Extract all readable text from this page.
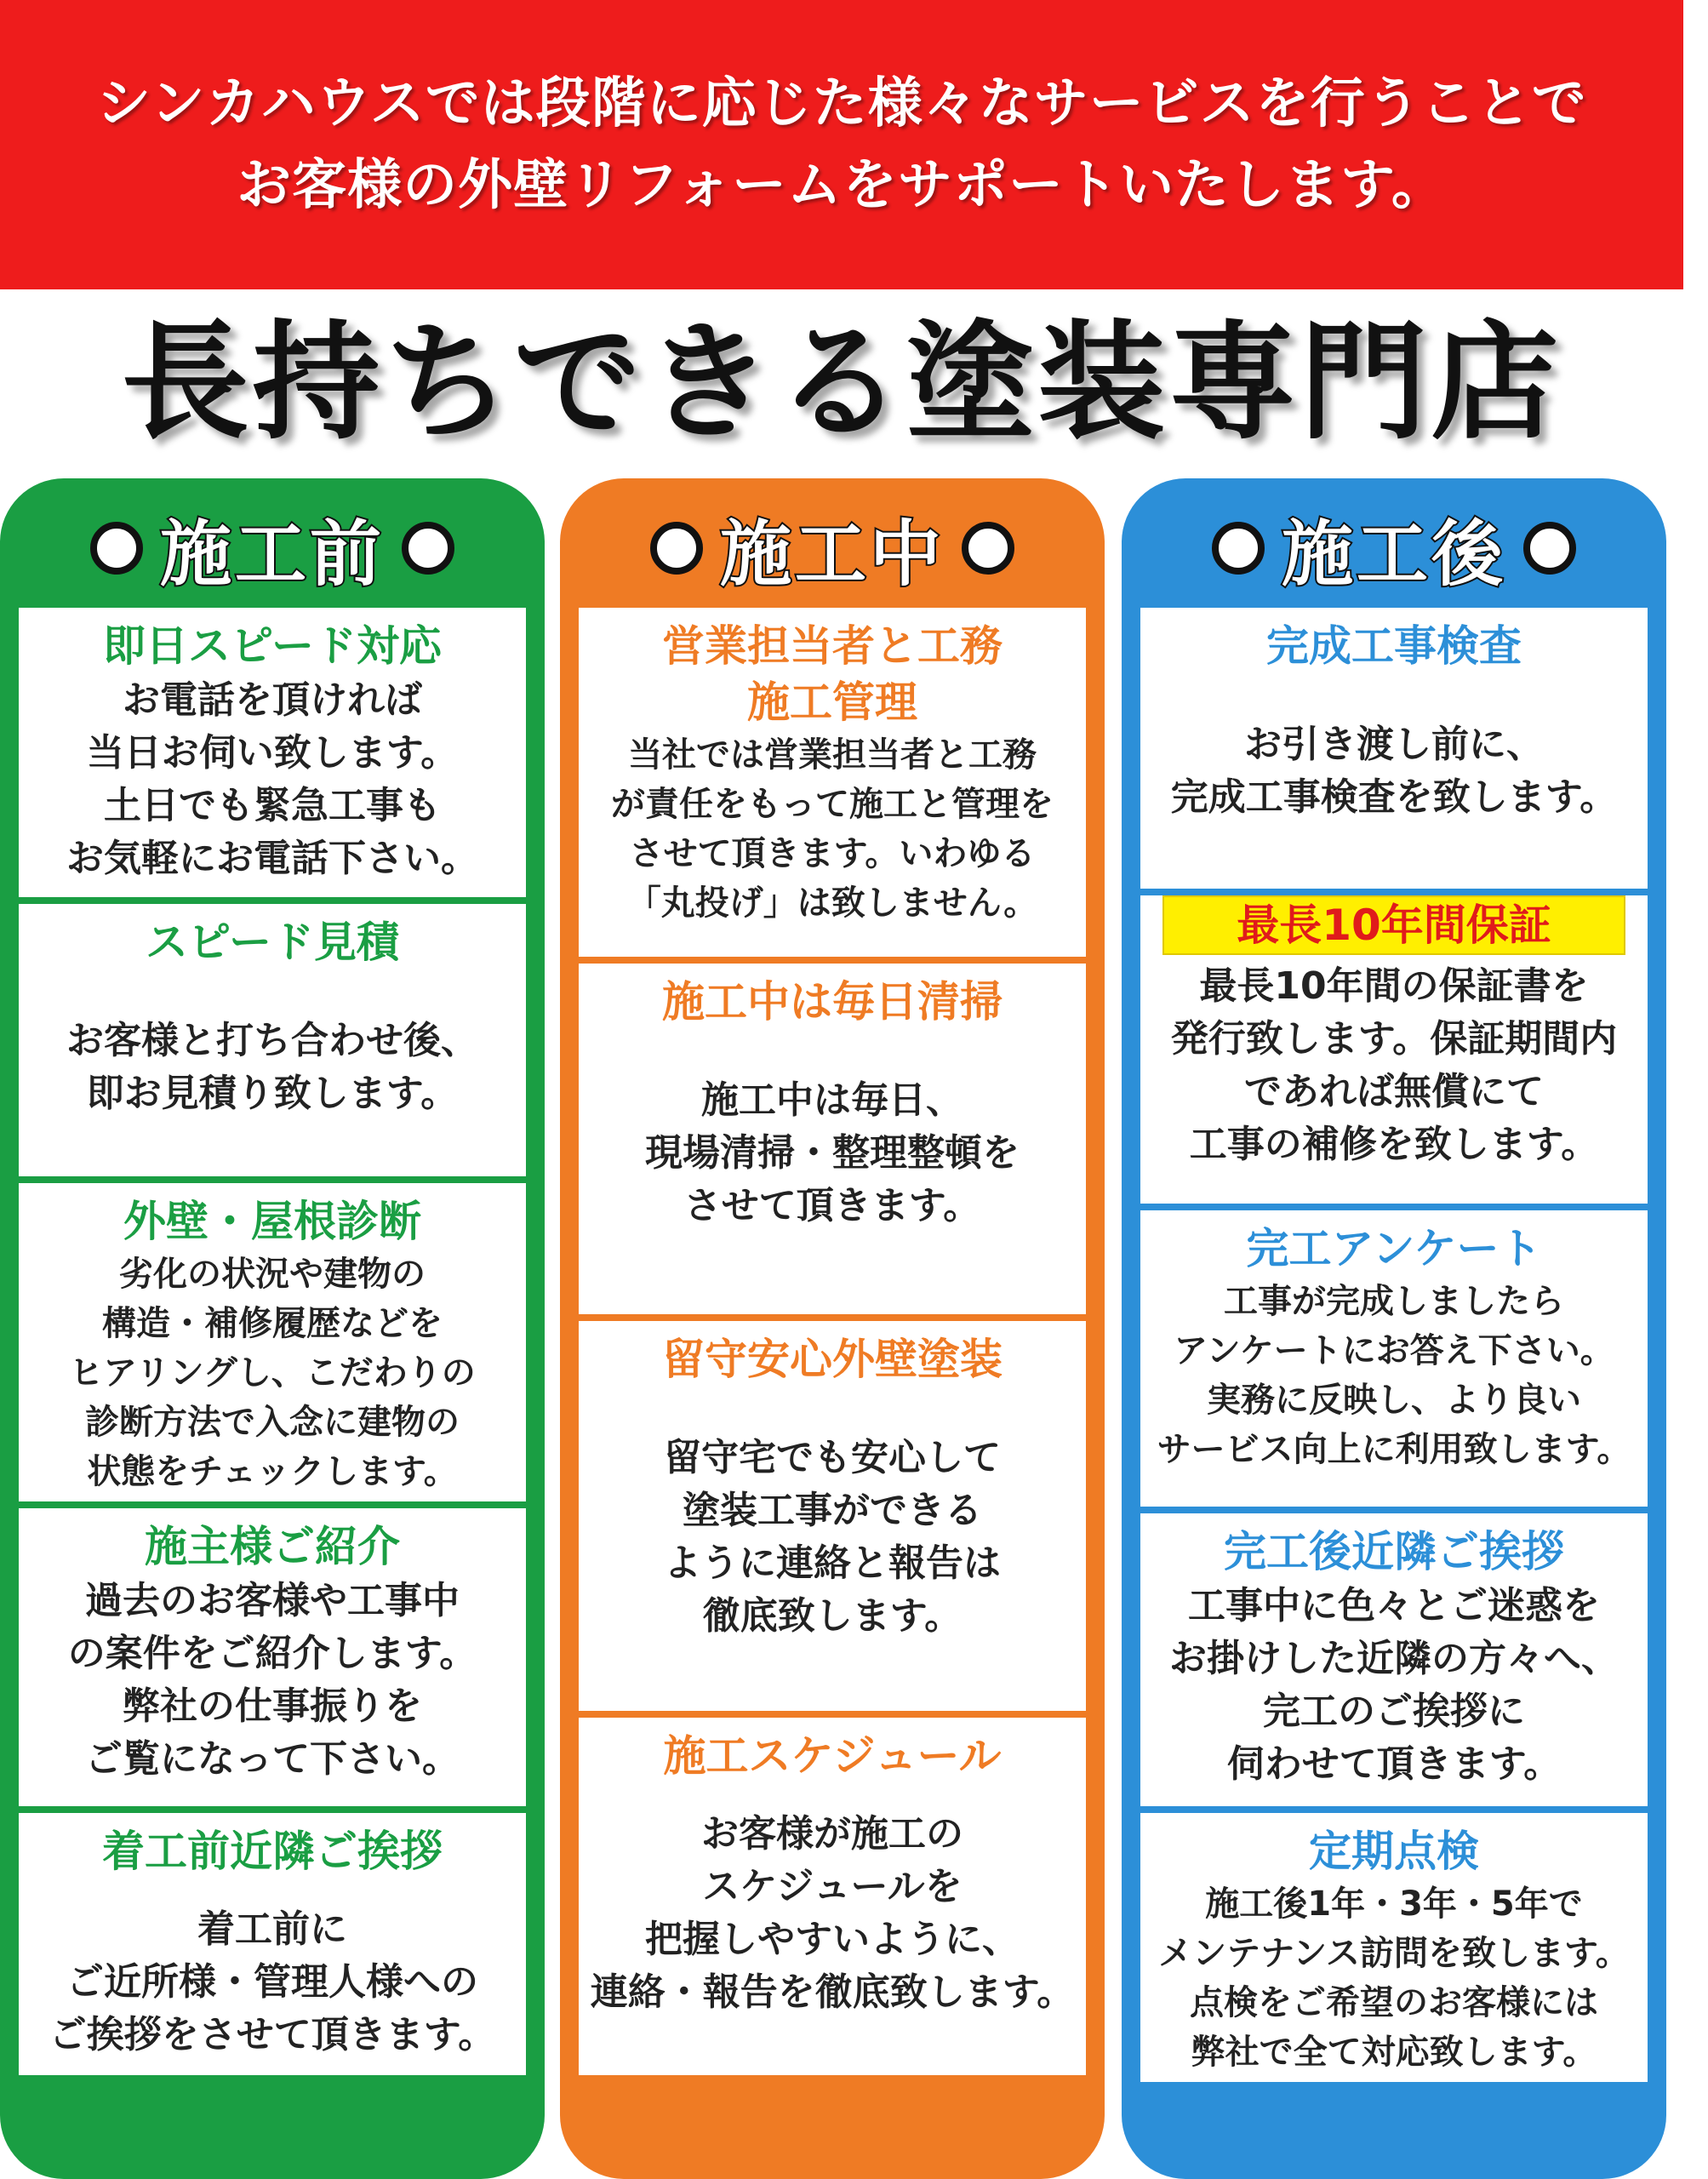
シンカハウスでは段階に応じた様々なサービスを行うことで
お客様の外壁リフォームをサポートいたします。
長持ちできる塗装専門店
施工前
即日スピード対応
お電話を頂ければ
当日お伺い致します。
土日でも緊急工事も
お気軽にお電話下さい。
スピード見積
お客様と打ち合わせ後、
即お見積り致します。
外壁・屋根診断
劣化の状況や建物の
構造・補修履歴などを
ヒアリングし、こだわりの
診断方法で入念に建物の
状態をチェックします。
施主様ご紹介
過去のお客様や工事中
の案件をご紹介します。
弊社の仕事振りを
ご覧になって下さい。
着工前近隣ご挨拶
着工前に
ご近所様・管理人様への
ご挨拶をさせて頂きます。
施工中
営業担当者と工務
施工管理
当社では営業担当者と工務
が責任をもって施工と管理を
させて頂きます。いわゆる
「丸投げ」は致しません。
施工中は毎日清掃
施工中は毎日、
現場清掃・整理整頓を
させて頂きます。
留守安心外壁塗装
留守宅でも安心して
塗装工事ができる
ように連絡と報告は
徹底致します。
施工スケジュール
お客様が施工の
スケジュールを
把握しやすいように、
連絡・報告を徹底致します。
施工後
完成工事検査
お引き渡し前に、
完成工事検査を致します。
最長10年間保証
最長10年間の保証書を
発行致します。保証期間内
であれば無償にて
工事の補修を致します。
完工アンケート
工事が完成しましたら
アンケートにお答え下さい。
実務に反映し、より良い
サービス向上に利用致します。
完工後近隣ご挨拶
工事中に色々とご迷惑を
お掛けした近隣の方々へ、
完工のご挨拶に
伺わせて頂きます。
定期点検
施工後1年・3年・5年で
メンテナンス訪問を致します。
点検をご希望のお客様には
弊社で全て対応致します。
